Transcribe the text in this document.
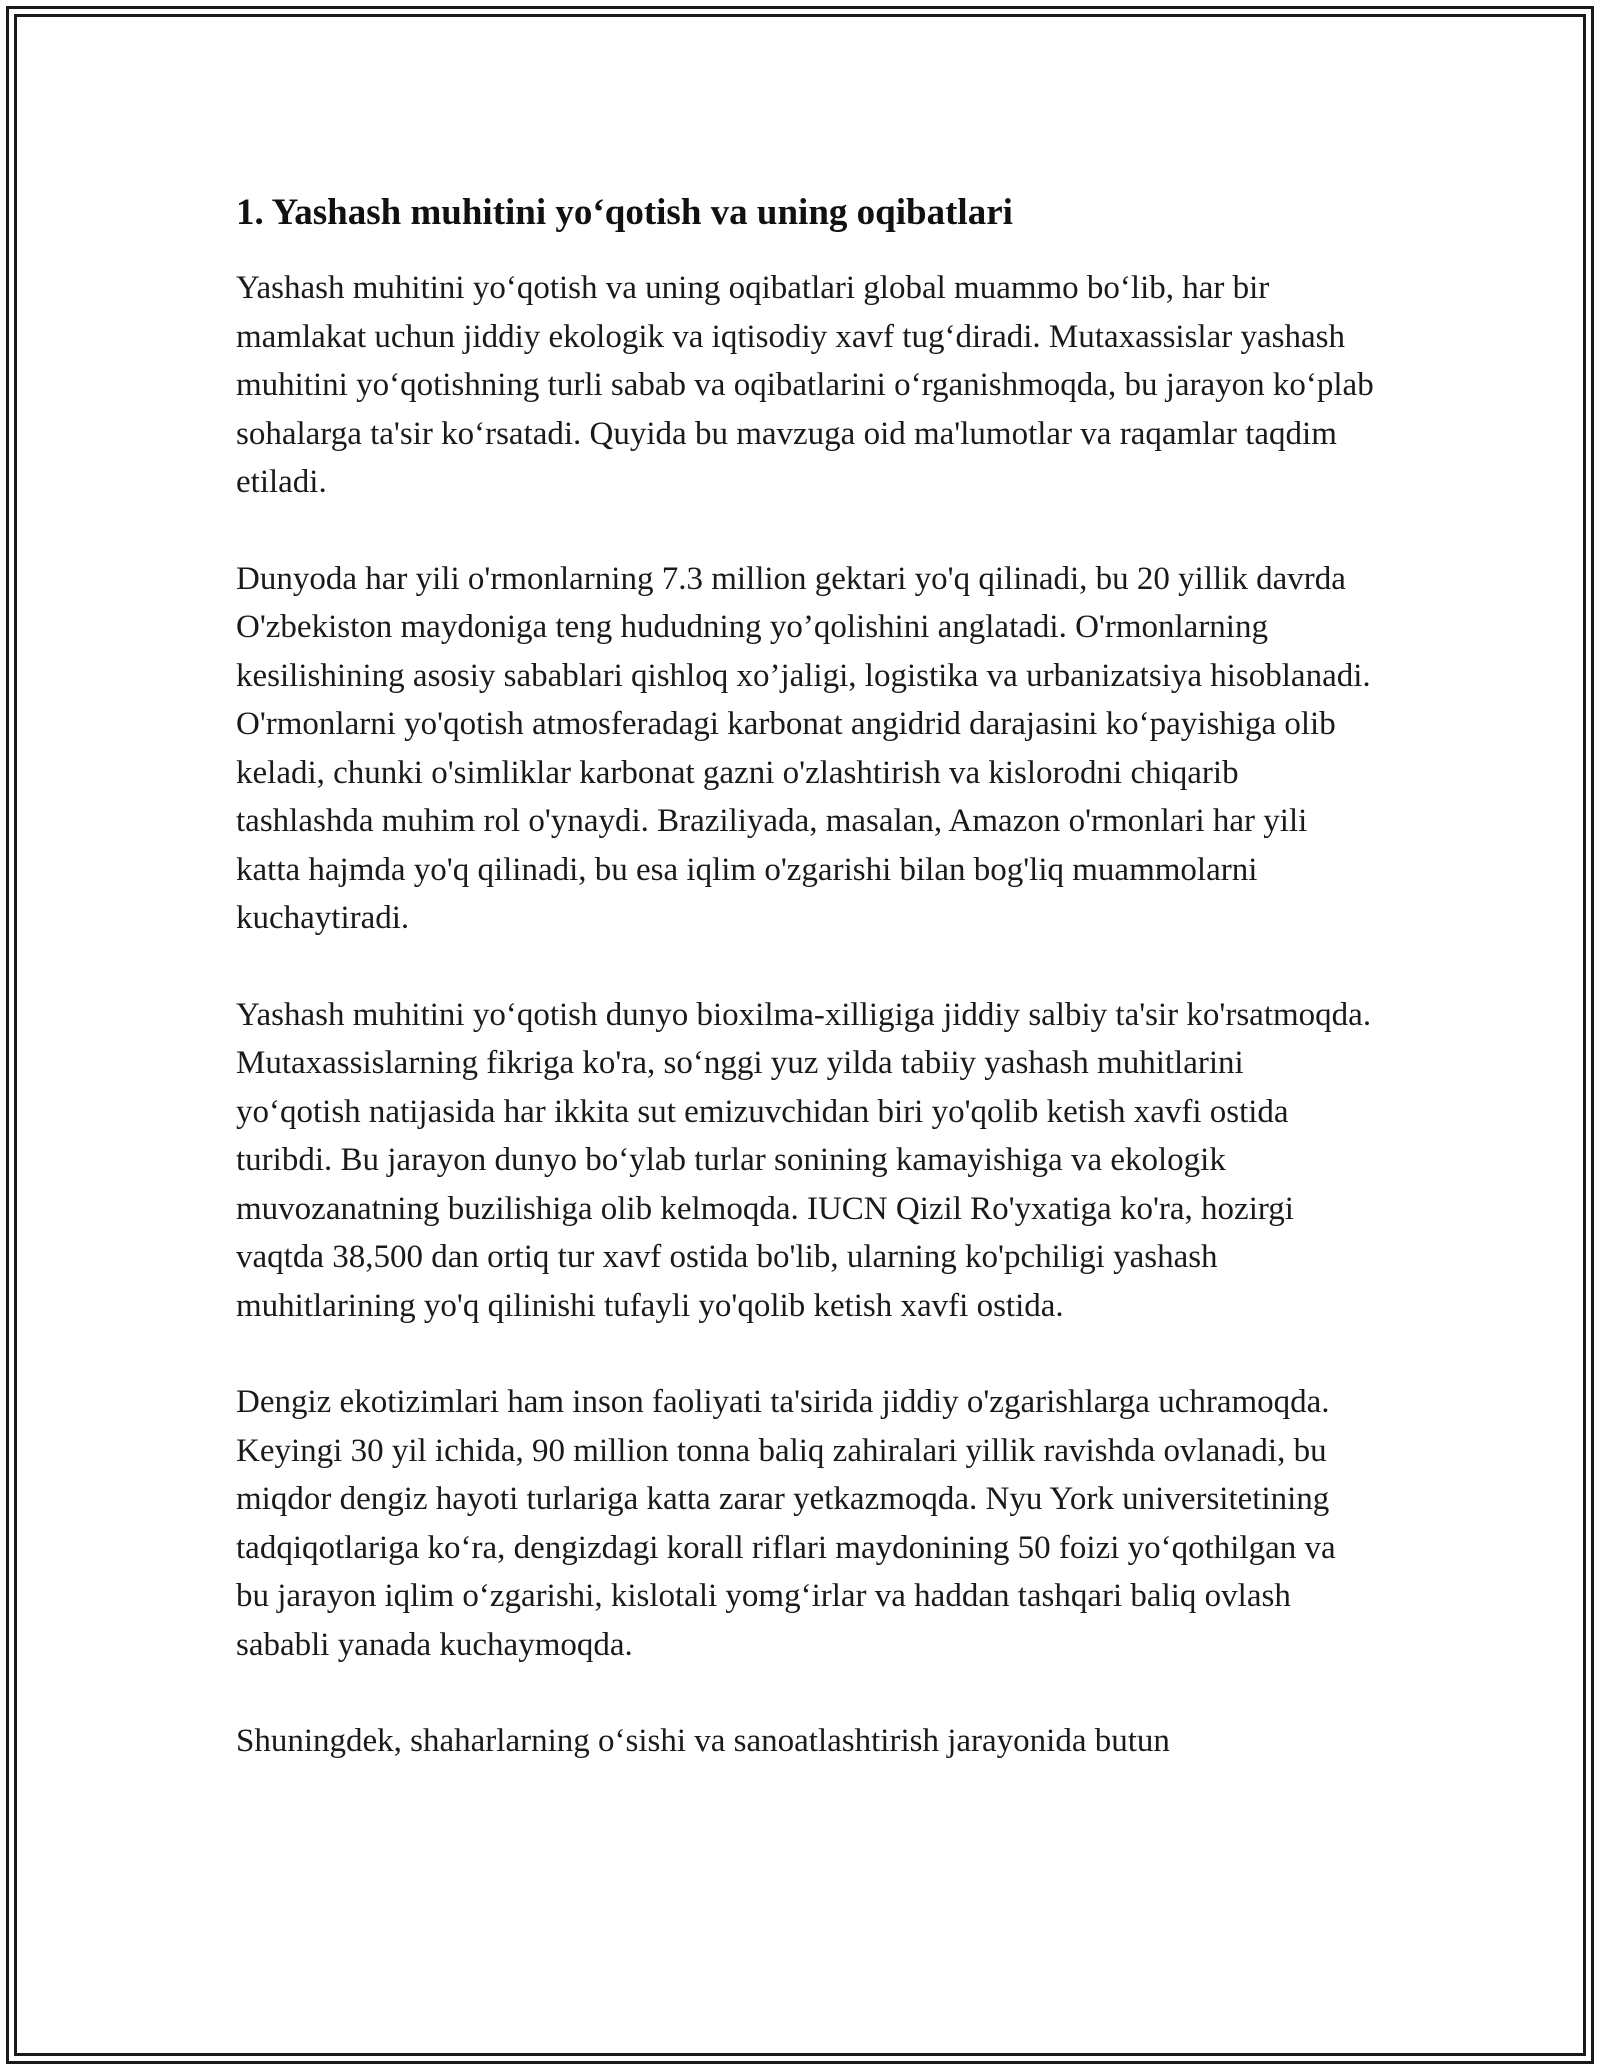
1. Yashash muhitini yo‘qotish va uning oqibatlari

Yashash muhitini yo‘qotish va uning oqibatlari global muammo bo‘lib, har bir mamlakat uchun jiddiy ekologik va iqtisodiy xavf tug‘diradi. Mutaxassislar yashash muhitini yo‘qotishning turli sabab va oqibatlarini o‘rganishmoqda, bu jarayon ko‘plab sohalarga ta'sir ko‘rsatadi. Quyida bu mavzuga oid ma'lumotlar va raqamlar taqdim etiladi.

Dunyoda har yili o'rmonlarning 7.3 million gektari yo'q qilinadi, bu 20 yillik davrda O'zbekiston maydoniga teng hududning yo’qolishini anglatadi. O'rmonlarning kesilishining asosiy sabablari qishloq xo’jaligi, logistika va urbanizatsiya hisoblanadi. O'rmonlarni yo'qotish atmosferadagi karbonat angidrid darajasini ko‘payishiga olib keladi, chunki o'simliklar karbonat gazni o'zlashtirish va kislorodni chiqarib tashlashda muhim rol o'ynaydi. Braziliyada, masalan, Amazon o'rmonlari har yili katta hajmda yo'q qilinadi, bu esa iqlim o'zgarishi bilan bog'liq muammolarni kuchaytiradi.

Yashash muhitini yo‘qotish dunyo bioxilma-xilligiga jiddiy salbiy ta'sir ko'rsatmoqda. Mutaxassislarning fikriga ko'ra, so‘nggi yuz yilda tabiiy yashash muhitlarini yo‘qotish natijasida har ikkita sut emizuvchidan biri yo'qolib ketish xavfi ostida turibdi. Bu jarayon dunyo bo‘ylab turlar sonining kamayishiga va ekologik muvozanatning buzilishiga olib kelmoqda. IUCN Qizil Ro'yxatiga ko'ra, hozirgi vaqtda 38,500 dan ortiq tur xavf ostida bo'lib, ularning ko'pchiligi yashash muhitlarining yo'q qilinishi tufayli yo'qolib ketish xavfi ostida.

Dengiz ekotizimlari ham inson faoliyati ta'sirida jiddiy o'zgarishlarga uchramoqda. Keyingi 30 yil ichida, 90 million tonna baliq zahiralari yillik ravishda ovlanadi, bu miqdor dengiz hayoti turlariga katta zarar yetkazmoqda. Nyu York universitetining tadqiqotlariga ko‘ra, dengizdagi korall riflari maydonining 50 foizi yo‘qothilgan va bu jarayon iqlim o‘zgarishi, kislotali yomg‘irlar va haddan tashqari baliq ovlash sababli yanada kuchaymoqda.

Shuningdek, shaharlarning o‘sishi va sanoatlashtirish jarayonida butun
